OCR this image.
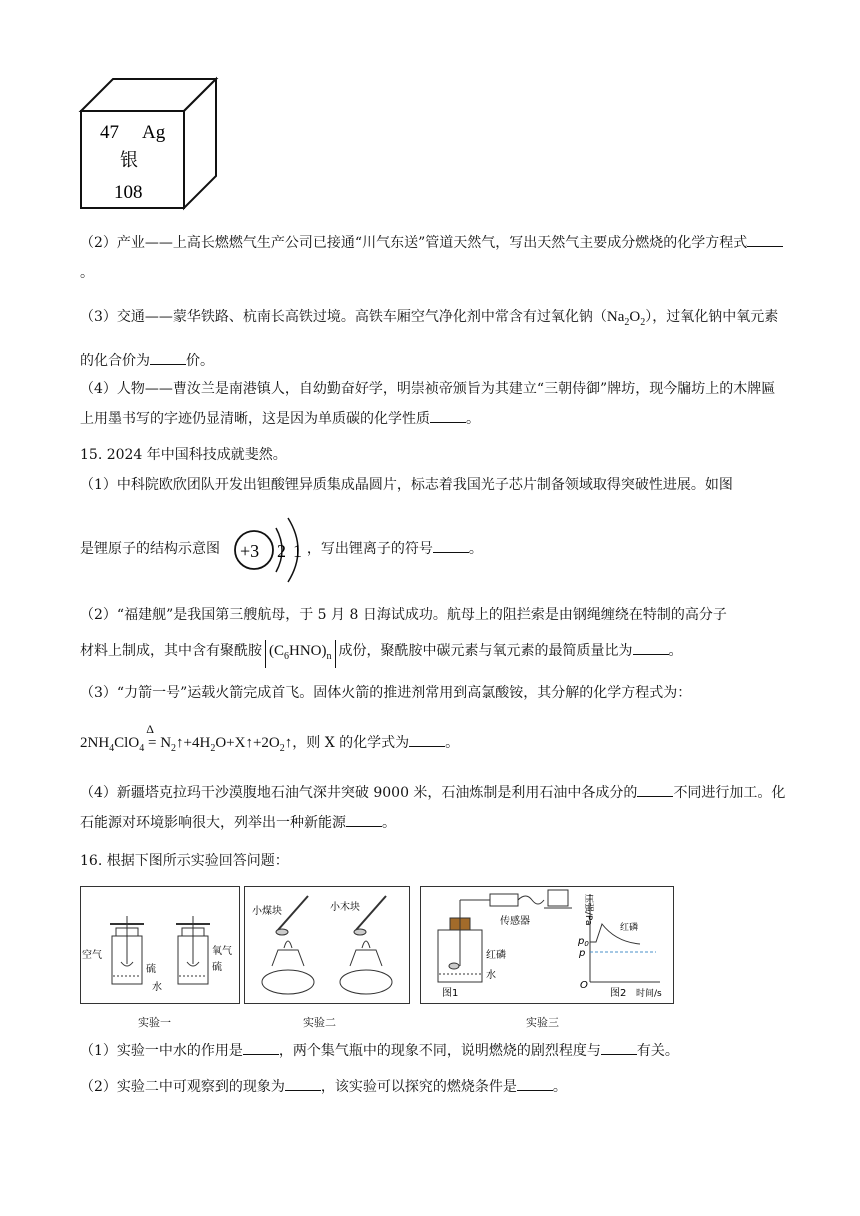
47 Ag
银
108

（2）产业——上高长燃燃气生产公司已接通“川气东送”管道天然气，写出天然气主要成分燃烧的化学方程式。

（3）交通——蒙华铁路、杭南长高铁过境。高铁车厢空气净化剂中常含有过氧化钠$(Na_2O_2)$，过氧化钠中氧元素的化合价为	价。

（4）人物——曹汝兰是南港镇人，自幼勤奋好学，明崇祯帝颁旨为其建立“三朝侍御”牌坊，现今牖坊上的木牌匾上用墨书写的字迹仍显清晰，这是因为单质碳的化学性质	。

15. 2024 年中国科技成就斐然。
（1）中科院欧欣团队开发出钽酸锂异质集成晶圆片，标志着我国光子芯片制备领域取得突破性进展。如图
是锂原子的结构示意图	，写出锂离子的符号	。
+3 2 1
（2）“福建舰”是我国第三艘航母，于 5 月 8 日海试成功。航母上的阻拦索是由钢绳缠绕在特制的高分子
材料上制成，其中含有聚酰胺 $(C_6HNO)_n$ 成份，聚酰胺中碳元素与氧元素的最简质量比为	。
（3）“力箭一号”运载火箭完成首飞。固体火箭的推进剂常用到高氯酸铵，其分解的化学方程式为：
$2NH_4ClO_4$
Δ
= $N_2↑+4H_2O+X↑+2O_2↑$，则 X 的化学式为	。

（4）新疆塔克拉玛干沙漠腹地石油气深井突破 9000 米，石油炼制是利用石油中各成分的	不同进行加工。化石能源对环境影响很大，列举出一种新能源	。

16. 根据下图所示实验回答问题：
空气	氧 气
硫	硫
水
实验一
小煤块	小木块
实验二
传感器
红磷
水
图1
压强/Pa
时间/s
$p_0$
p
O
红磷
图2
实验三
（1）实验一中水的作用是	，两个集气瓶中的现象不同，说明燃烧的剧烈程度与	有关。
（2）实验二中可观察到的现象为	，该实验可以探究的燃烧条件是	。
